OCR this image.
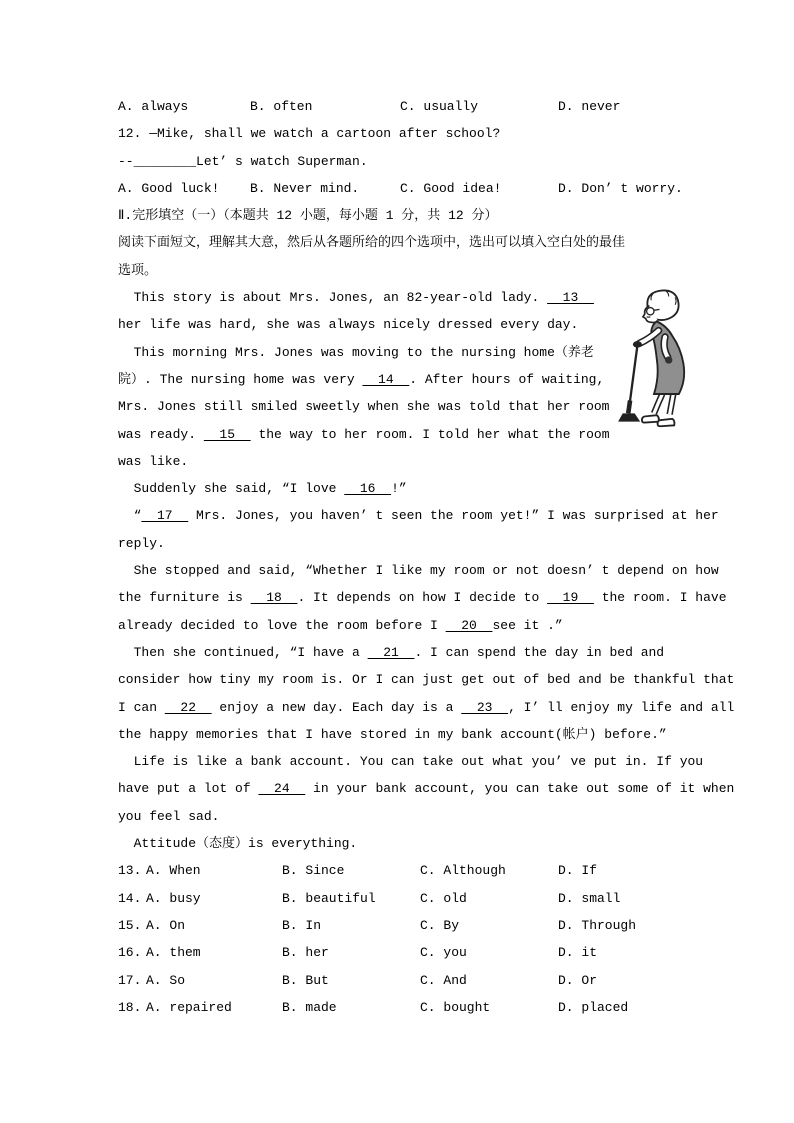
A. always	B. often	C. usually	D. never
12. —Mike, shall we watch a cartoon after school?
--________Let’ s watch Superman.
A. Good luck!	B. Never mind.	C. Good idea!	D. Don’ t worry.
Ⅱ.完形填空（一）（本题共 12 小题，每小题 1 分，共 12 分）
阅读下面短文，理解其大意，然后从各题所给的四个选项中，选出可以填入空白处的最佳
选项。
This story is about Mrs. Jones, an 82-year-old lady.   13
her life was hard, she was always nicely dressed every day.
This morning Mrs. Jones was moving to the nursing home（养老
院）. The nursing home was very   14  . After hours of waiting,
Mrs. Jones still smiled sweetly when she was told that her room
was ready.   15   the way to her room. I told her what the room
was like.
Suddenly she said, “I love   16  !”
“  17   Mrs. Jones, you haven’ t seen the room yet!” I was surprised at her
reply.
She stopped and said, “Whether I like my room or not doesn’ t depend on how
the furniture is   18  . It depends on how I decide to   19   the room. I have
already decided to love the room before I   20  see it .”
Then she continued, “I have a   21  . I can spend the day in bed and
consider how tiny my room is. Or I can just get out of bed and be thankful that
I can   22   enjoy a new day. Each day is a   23  , I’ ll enjoy my life and all
the happy memories that I have stored in my bank account(帐户) before.”
Life is like a bank account. You can take out what you’ ve put in. If you
have put a lot of   24   in your bank account, you can take out some of it when
you feel sad.
Attitude（态度）is everything.
13. A. When	B. Since	C. Although	D. If
14. A. busy	B. beautiful	C. old	D. small
15. A. On	B. In	C. By	D. Through
16. A. them	B. her	C. you	D. it
17. A. So	B. But	C. And	D. Or
18. A. repaired	B. made	C. bought	D. placed
